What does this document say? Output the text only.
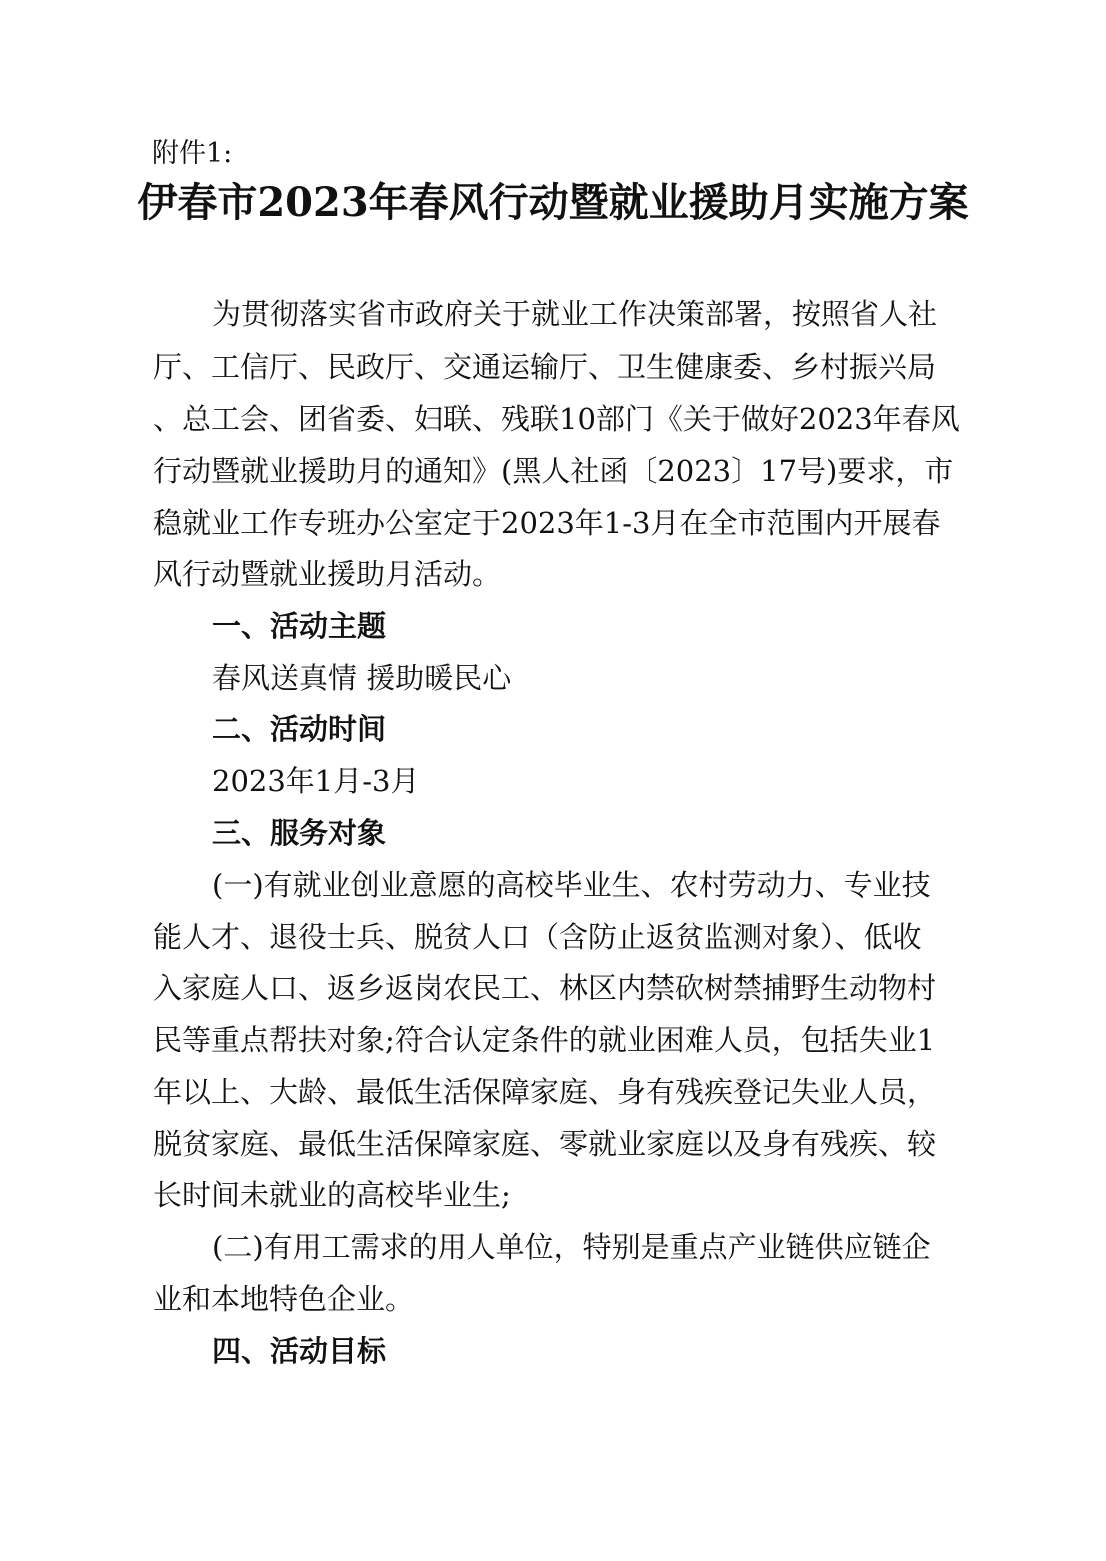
附件1:
伊春市2023年春风行动暨就业援助月实施方案
为贯彻落实省市政府关于就业工作决策部署，按照省人社
厅、工信厅、民政厅、交通运输厅、卫生健康委、乡村振兴局
、总工会、团省委、妇联、残联10部门《关于做好2023年春风
行动暨就业援助月的通知》(黑人社函〔2023〕17号)要求，市
稳就业工作专班办公室定于2023年1-3月在全市范围内开展春
风行动暨就业援助月活动。
一、活动主题
春风送真情 援助暖民心
二、活动时间
2023年1月-3月
三、服务对象
(一)有就业创业意愿的高校毕业生、农村劳动力、专业技
能人才、退役士兵、脱贫人口（含防止返贫监测对象）、低收
入家庭人口、返乡返岗农民工、林区内禁砍树禁捕野生动物村
民等重点帮扶对象;符合认定条件的就业困难人员，包括失业1
年以上、大龄、最低生活保障家庭、身有残疾登记失业人员，
脱贫家庭、最低生活保障家庭、零就业家庭以及身有残疾、较
长时间未就业的高校毕业生;
(二)有用工需求的用人单位，特别是重点产业链供应链企
业和本地特色企业。
四、活动目标
